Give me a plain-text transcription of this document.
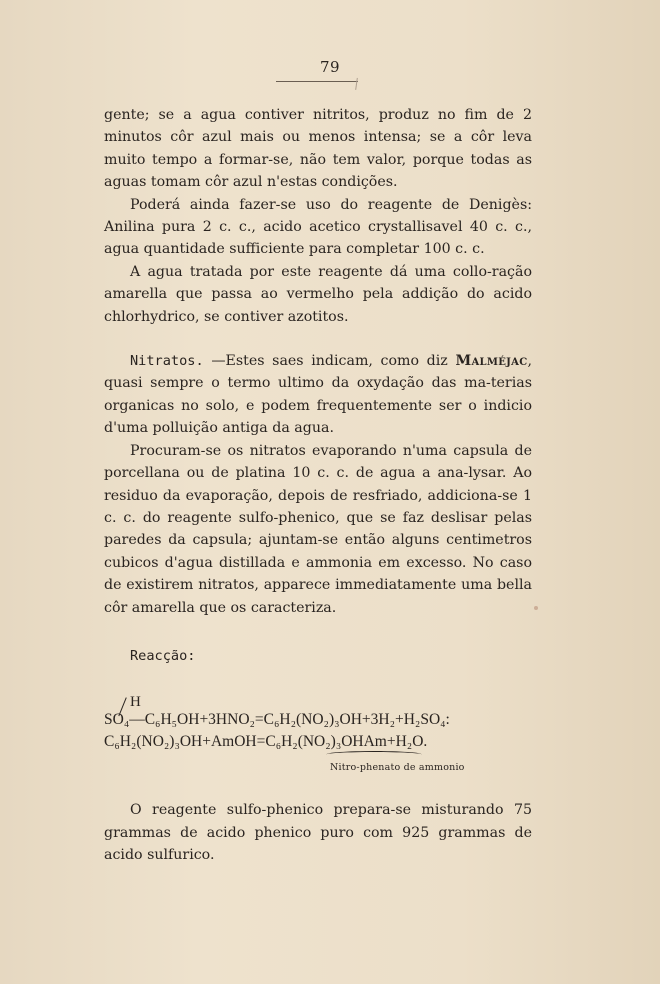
79

gente; se a agua contiver nitritos, produz no fim de 2 minutos côr azul mais ou menos intensa; se a côr leva muito tempo a formar-se, não tem valor, porque todas as aguas tomam côr azul n'estas condições.

Poderá ainda fazer-se uso do reagente de Denigès: Anilina pura 2 c. c., acido acetico crystallisavel 40 c. c., agua quantidade sufficiente para completar 100 c. c.

A agua tratada por este reagente dá uma collo-ração amarella que passa ao vermelho pela addição do acido chlorhydrico, se contiver azotitos.

Nitratos. —Estes saes indicam, como diz Malméjac, quasi sempre o termo ultimo da oxydação das ma-terias organicas no solo, e podem frequentemente ser o indicio d'uma polluição antiga da agua.

Procuram-se os nitratos evaporando n'uma capsula de porcellana ou de platina 10 c. c. de agua a ana-lysar. Ao residuo da evaporação, depois de resfriado, addiciona-se 1 c. c. do reagente sulfo-phenico, que se faz deslisar pelas paredes da capsula; ajuntam-se então alguns centimetros cubicos d'agua distillada e ammonia em excesso. No caso de existirem nitratos, apparece immediatamente uma bella côr amarella que os caracteriza.

Reacção:

H
SO₄—C₆H₅OH+3HNO₂=C₆H₂(NO₂)₃OH+3H₂+H₂SO₄:
C₆H₂(NO₂)₃OH+AmOH=C₆H₂(NO₂)₃OHAm+H₂O.
Nitro-phenato de ammonio

O reagente sulfo-phenico prepara-se misturando 75 grammas de acido phenico puro com 925 grammas de acido sulfurico.
